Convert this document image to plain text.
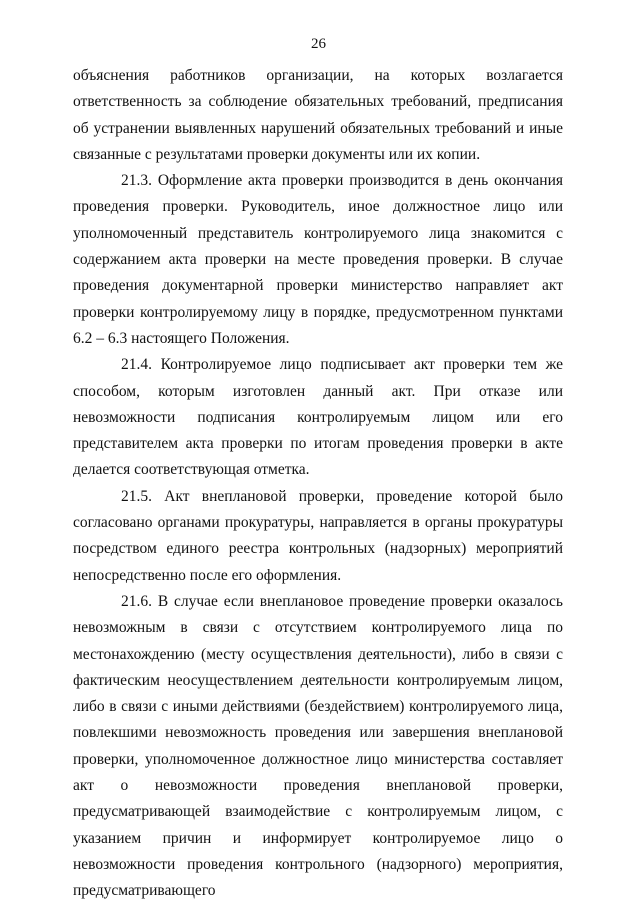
26

объяснения работников организации, на которых возлагается ответственность за соблюдение обязательных требований, предписания об устранении выявленных нарушений обязательных требований и иные связанные с результатами проверки документы или их копии.

21.3. Оформление акта проверки производится в день окончания проведения проверки. Руководитель, иное должностное лицо или уполномоченный представитель контролируемого лица знакомится с содержанием акта проверки на месте проведения проверки. В случае проведения документарной проверки министерство направляет акт проверки контролируемому лицу в порядке, предусмотренном пунктами 6.2 – 6.3 настоящего Положения.

21.4. Контролируемое лицо подписывает акт проверки тем же способом, которым изготовлен данный акт. При отказе или невозможности подписания контролируемым лицом или его представителем акта проверки по итогам проведения проверки в акте делается соответствующая отметка.

21.5. Акт внеплановой проверки, проведение которой было согласовано органами прокуратуры, направляется в органы прокуратуры посредством единого реестра контрольных (надзорных) мероприятий непосредственно после его оформления.

21.6. В случае если внеплановое проведение проверки оказалось невозможным в связи с отсутствием контролируемого лица по местонахождению (месту осуществления деятельности), либо в связи с фактическим неосуществлением деятельности контролируемым лицом, либо в связи с иными действиями (бездействием) контролируемого лица, повлекшими невозможность проведения или завершения внеплановой проверки, уполномоченное должностное лицо министерства составляет акт о невозможности проведения внеплановой проверки, предусматривающей взаимодействие с контролируемым лицом, с указанием причин и информирует контролируемое лицо о невозможности проведения контрольного (надзорного) мероприятия, предусматривающего
